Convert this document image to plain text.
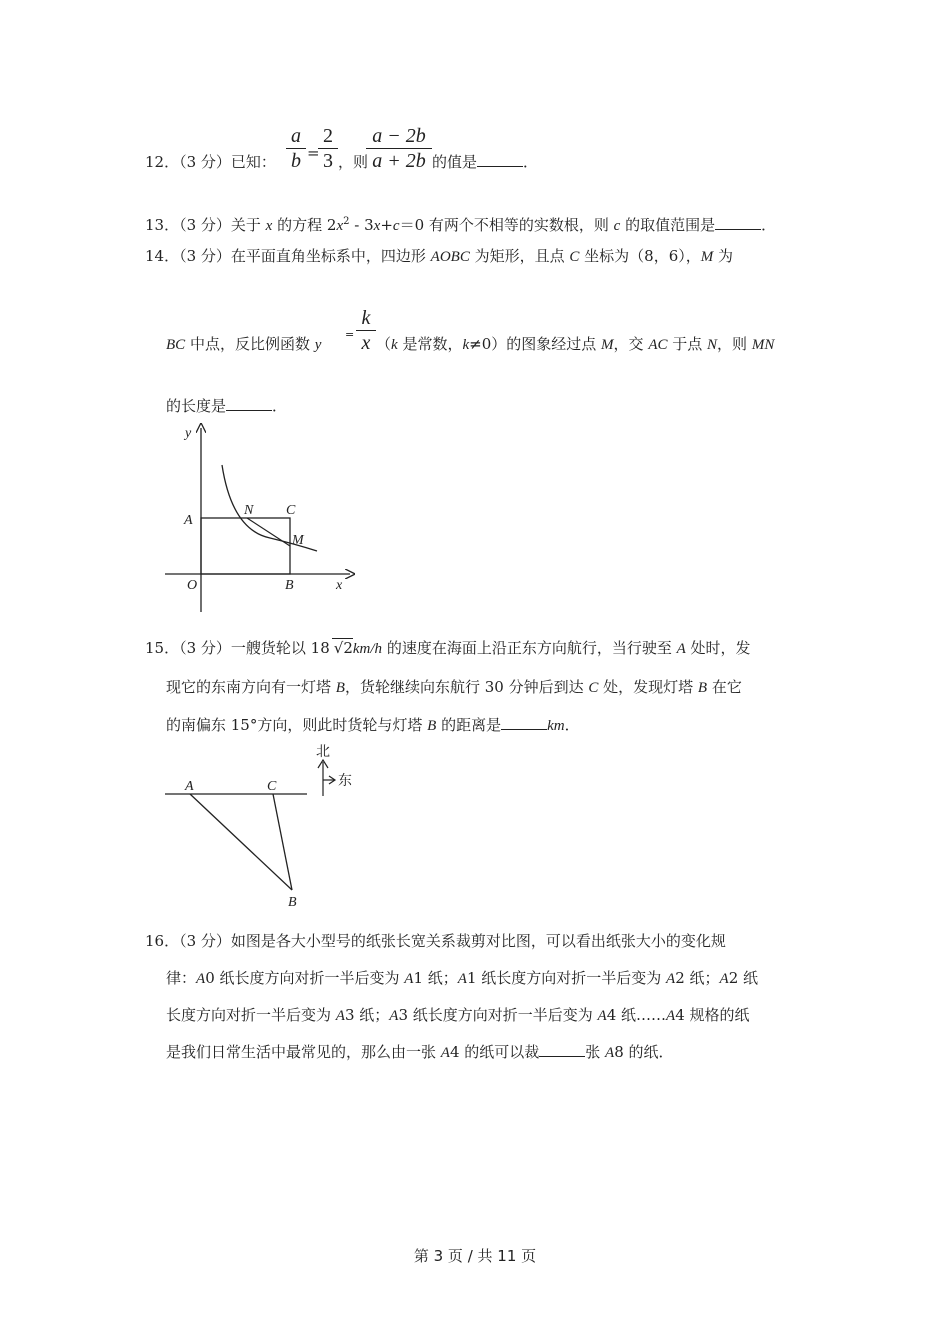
12．（3 分）已知：
a
b =
2
3 ，则
a − 2b
a + 2b 的值是	．
13．（3 分）关于 x 的方程 $2x^2 - 3x+c=0$ 有两个不相等的实数根，则 c 的取值范围是	．
14．（3 分）在平面直角坐标系中，四边形 AOBC 为矩形，且点 C 坐标为（8，6），M 为
BC 中点，反比例函数 y
=
k
x （k 是常数，k≠0）的图象经过点 M，交 AC 于点 N，则 MN
的长度是	．
y
x
A
N C
M
O	B
15．（3 分）一艘货轮以 18 √2km/h 的速度在海面上沿正东方向航行，当行驶至 A 处时，发
现它的东南方向有一灯塔 B，货轮继续向东航行 30 分钟后到达 C 处，发现灯塔 B 在它
的南偏东 15°方向，则此时货轮与灯塔 B 的距离是	km．
北
东
A	C
B
16．（3 分）如图是各大小型号的纸张长宽关系裁剪对比图，可以看出纸张大小的变化规
律：A0 纸长度方向对折一半后变为 A1 纸；A1 纸长度方向对折一半后变为 A2 纸；A2 纸
长度方向对折一半后变为 A3 纸；A3 纸长度方向对折一半后变为 A4 纸……A4 规格的纸
是我们日常生活中最常见的，那么由一张 A4 的纸可以裁	张 A8 的纸．
第 3 页 / 共 11 页
